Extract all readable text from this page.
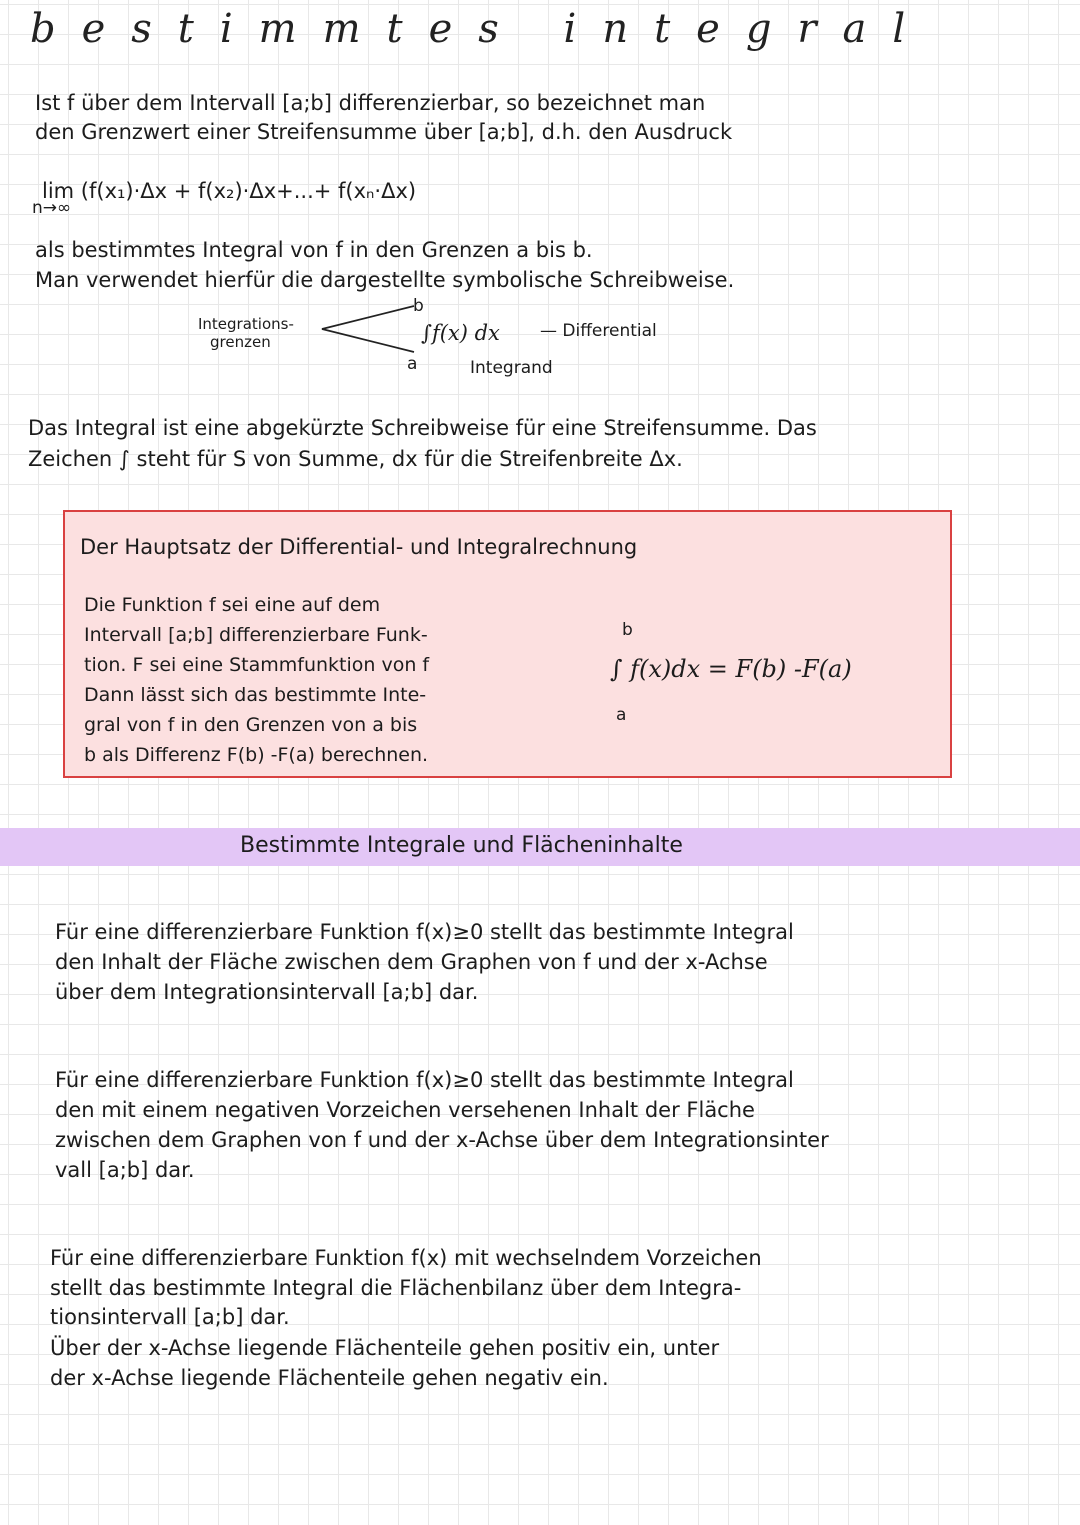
bestimmtes integral
Ist f über dem Intervall [a;b] differenzierbar, so bezeichnet man
den Grenzwert einer Streifensumme über [a;b], d.h. den Ausdruck
lim (f(x₁)·Δx + f(x₂)·Δx+...+ f(xₙ·Δx)
n→∞
als bestimmtes Integral von f in den Grenzen a bis b.
Man verwendet hierfür die dargestellte symbolische Schreibweise.
Integrations-
grenzen
b
a
∫f(x) dx — Differential
Integrand
Das Integral ist eine abgekürzte Schreibweise für eine Streifensumme. Das
Zeichen ∫ steht für S von Summe, dx für die Streifenbreite Δx.
Der Hauptsatz der Differential- und Integralrechnung
Die Funktion f sei eine auf dem
Intervall [a;b] differenzierbare Funk-
tion. F sei eine Stammfunktion von f
Dann lässt sich das bestimmte Inte-
gral von f in den Grenzen von a bis
b als Differenz F(b) -F(a) berechnen.
b
a
∫ f(x)dx = F(b) -F(a)
Bestimmte Integrale und Flächeninhalte
Für eine differenzierbare Funktion f(x)≥0 stellt das bestimmte Integral
den Inhalt der Fläche zwischen dem Graphen von f und der x-Achse
über dem Integrationsintervall [a;b] dar.
Für eine differenzierbare Funktion f(x)≥0 stellt das bestimmte Integral
den mit einem negativen Vorzeichen versehenen Inhalt der Fläche
zwischen dem Graphen von f und der x-Achse über dem Integrationsinter
vall [a;b] dar.
Für eine differenzierbare Funktion f(x) mit wechselndem Vorzeichen
stellt das bestimmte Integral die Flächenbilanz über dem Integra-
tionsintervall [a;b] dar.
Über der x-Achse liegende Flächenteile gehen positiv ein, unter
der x-Achse liegende Flächenteile gehen negativ ein.
